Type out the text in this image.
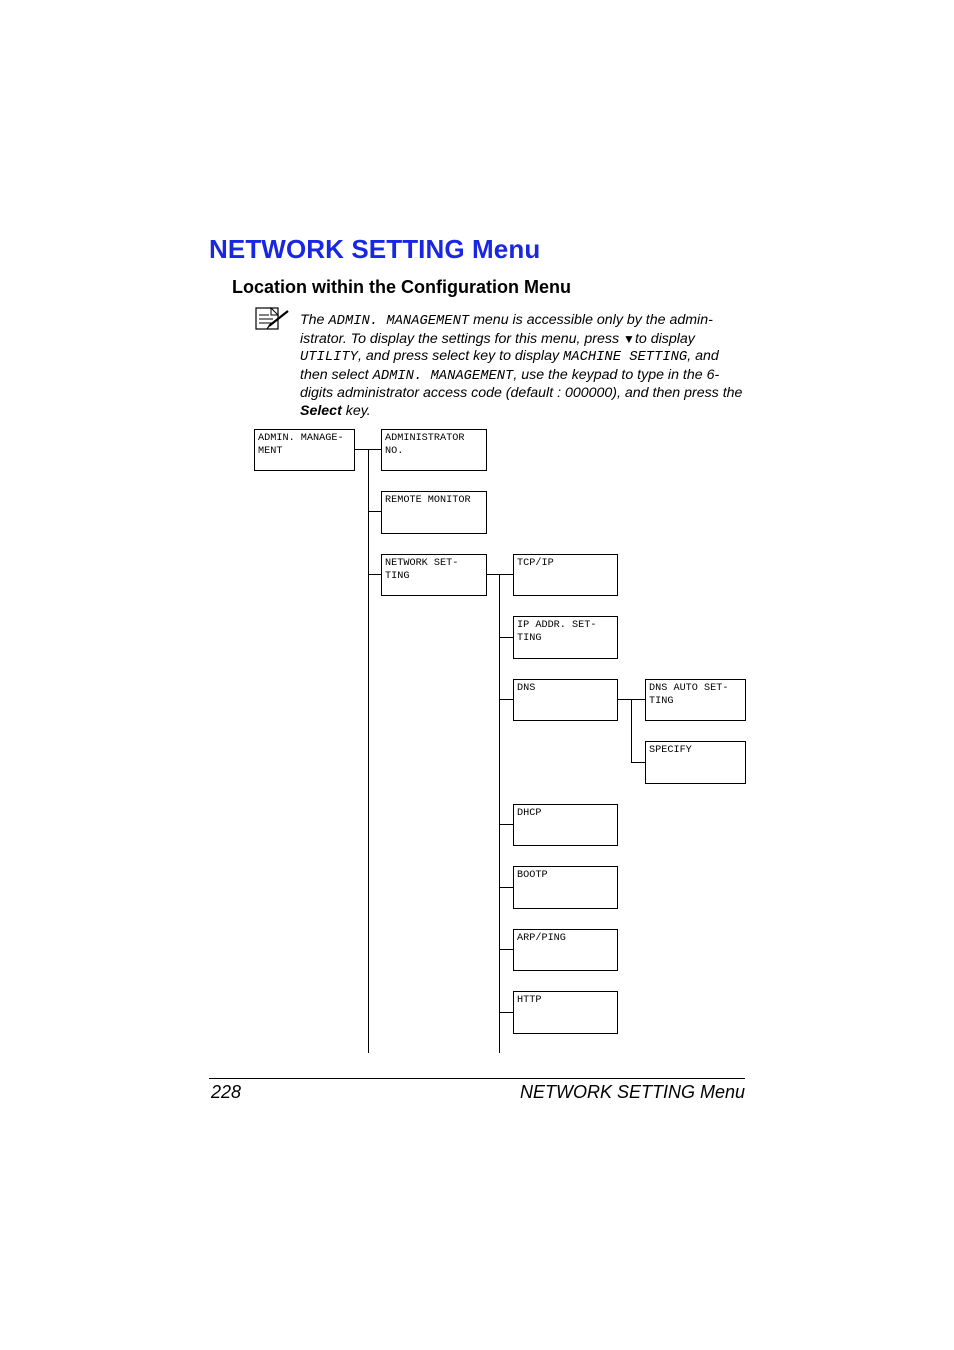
NETWORK SETTING Menu
Location within the Configuration Menu

The ADMIN. MANAGEMENT menu is accessible only by the admin-istrator. To display the settings for this menu, press ▼to display UTILITY, and press select key to display MACHINE SETTING, and then select ADMIN. MANAGEMENT, use the keypad to type in the 6-digits administrator access code (default : 000000), and then press the Select key.

ADMIN. MANAGE-
MENT
ADMINISTRATOR
NO.
REMOTE MONITOR
NETWORK SET-
TING
TCP/IP
IP ADDR. SET-
TING
DNS
DHCP
BOOTP
ARP/PING
HTTP
DNS AUTO SET-
TING
SPECIFY
228	NETWORK SETTING Menu
